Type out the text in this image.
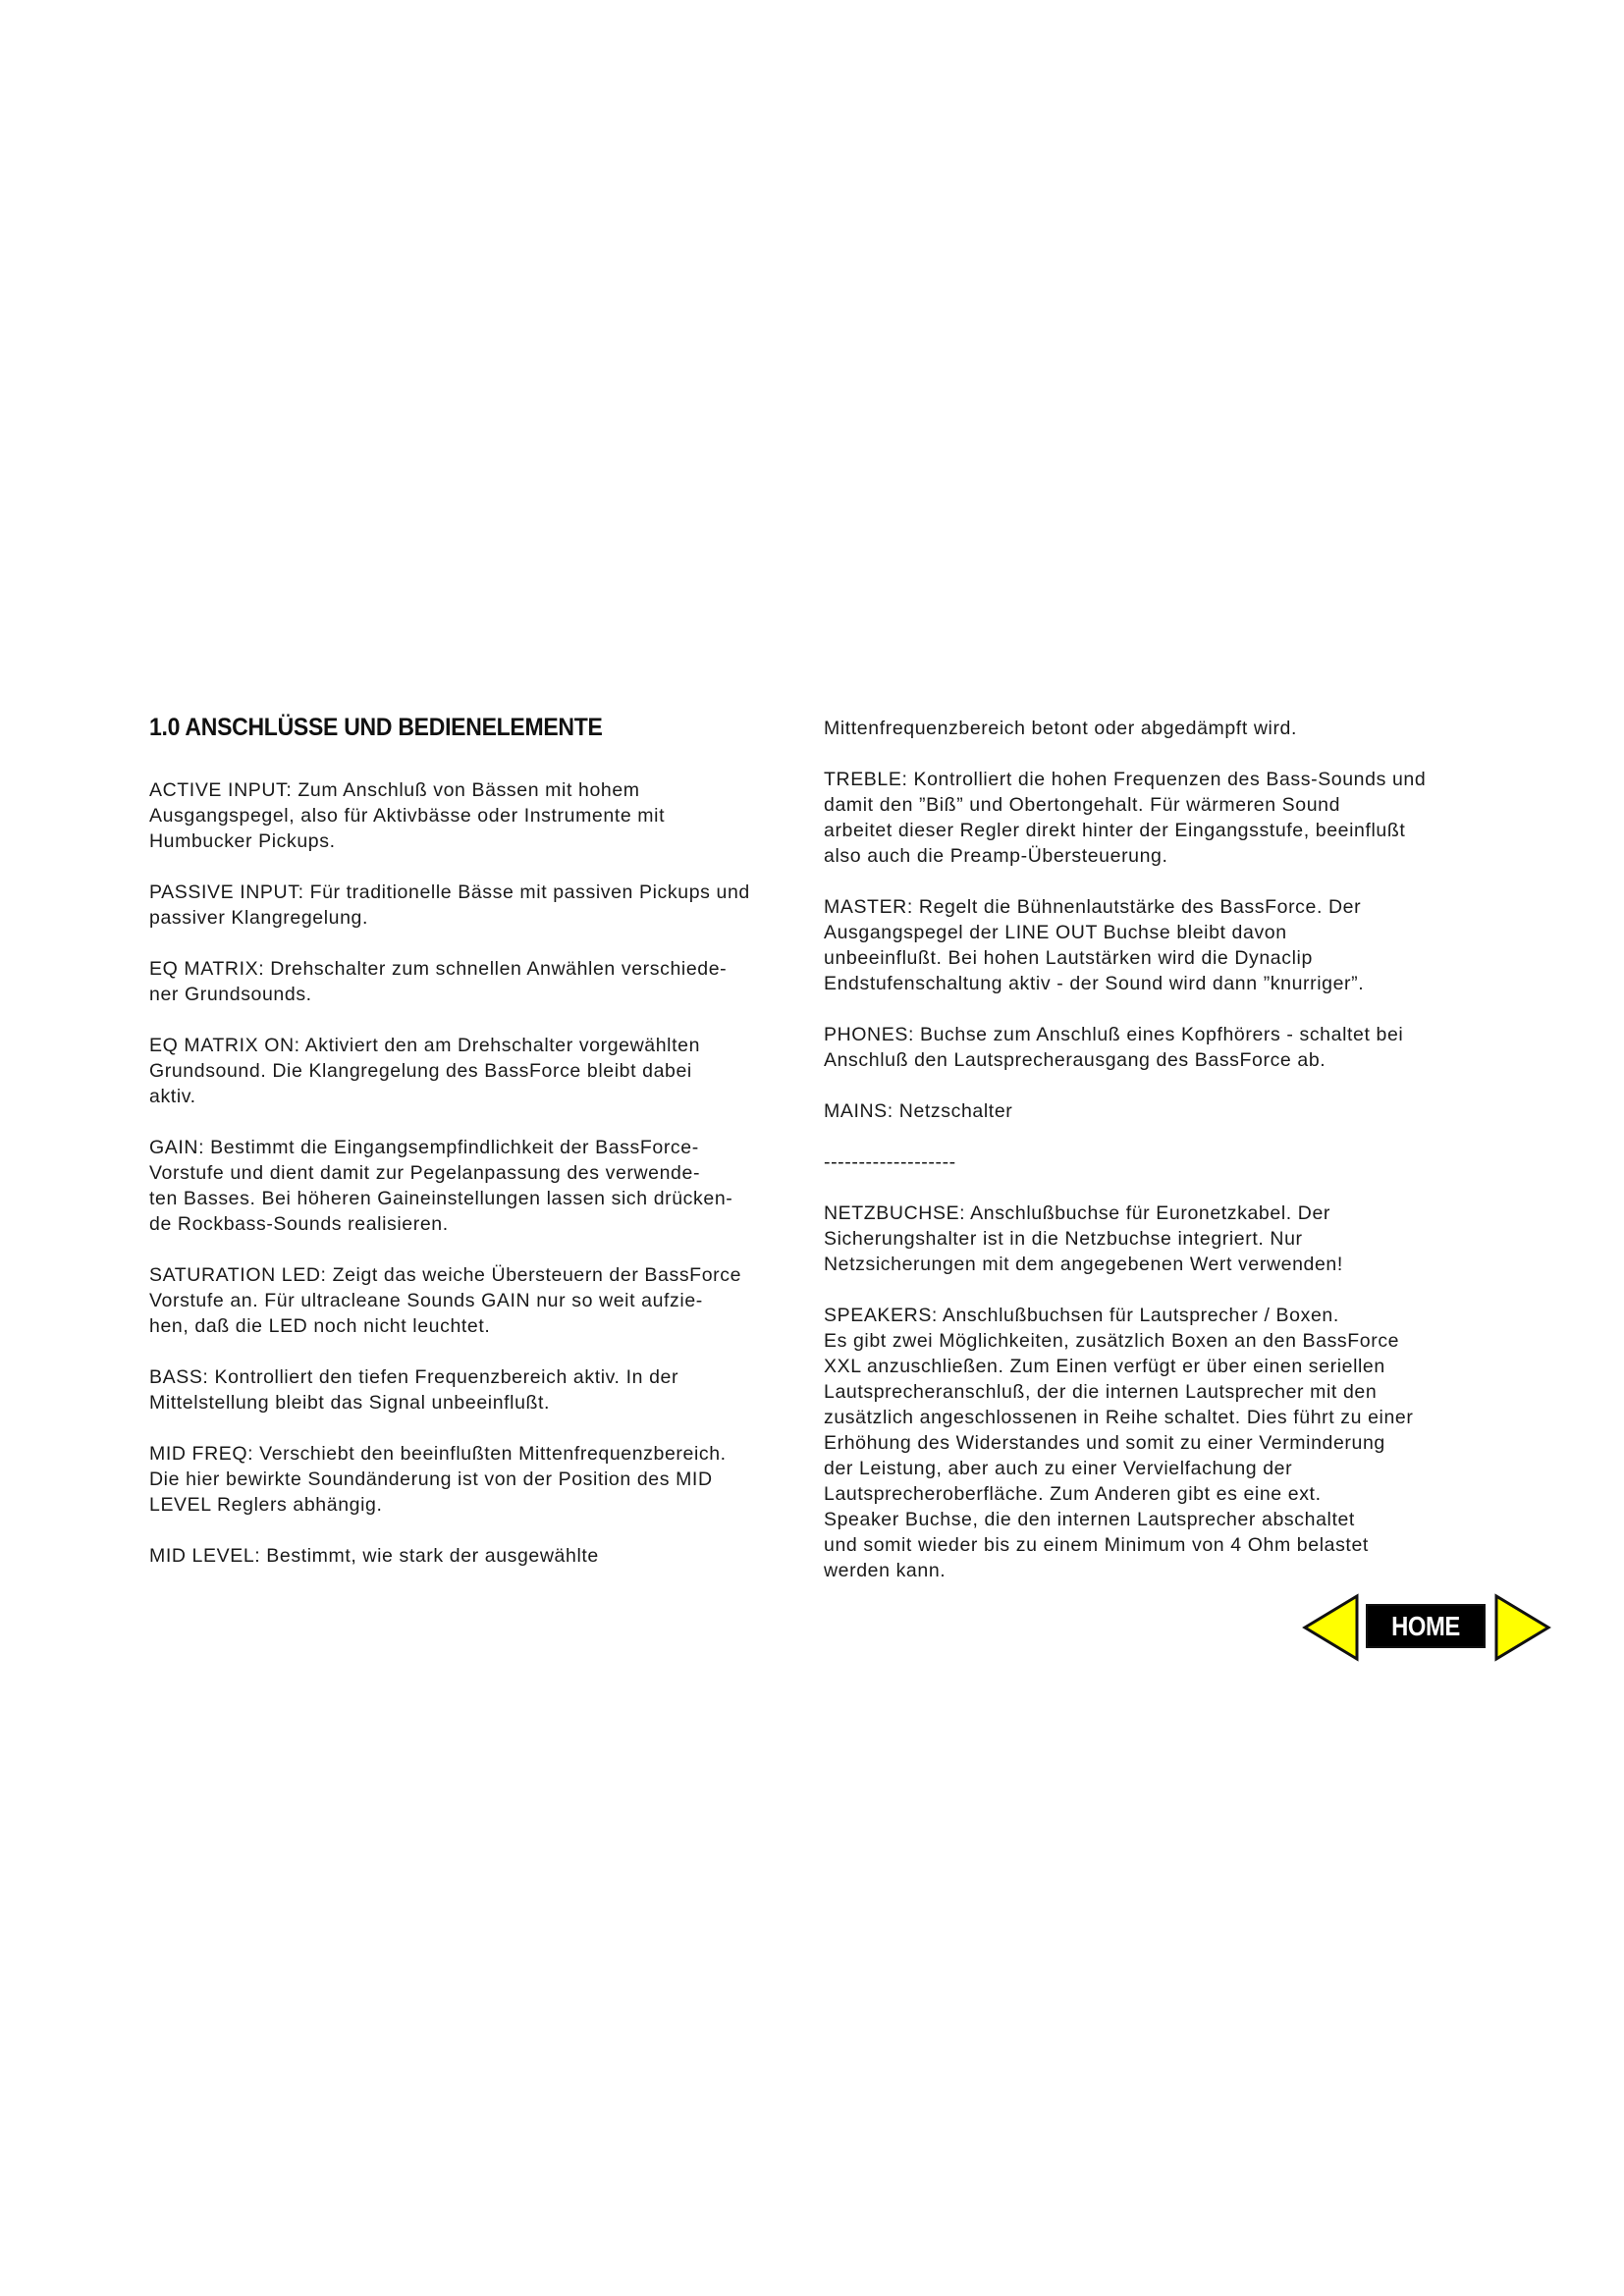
1.0 ANSCHLÜSSE UND BEDIENELEMENTE

ACTIVE INPUT: Zum Anschluß von Bässen mit hohem
Ausgangspegel, also für Aktivbässe oder Instrumente mit
Humbucker Pickups.

PASSIVE INPUT: Für traditionelle Bässe mit passiven Pickups und
passiver Klangregelung.

EQ MATRIX: Drehschalter zum schnellen Anwählen verschiede-
ner Grundsounds.

EQ MATRIX ON: Aktiviert den am Drehschalter vorgewählten
Grundsound. Die Klangregelung des BassForce bleibt dabei
aktiv.

GAIN: Bestimmt die Eingangsempfindlichkeit der BassForce-
Vorstufe und dient damit zur Pegelanpassung des verwende-
ten Basses. Bei höheren Gaineinstellungen lassen sich drücken-
de Rockbass-Sounds realisieren.

SATURATION LED: Zeigt das weiche Übersteuern der BassForce
Vorstufe an. Für ultracleane Sounds GAIN nur so weit aufzie-
hen, daß die LED noch nicht leuchtet.

BASS: Kontrolliert den tiefen Frequenzbereich aktiv. In der
Mittelstellung bleibt das Signal unbeeinflußt.

MID FREQ: Verschiebt den beeinflußten Mittenfrequenzbereich.
Die hier bewirkte Soundänderung ist von der Position des MID
LEVEL Reglers abhängig.

MID LEVEL: Bestimmt, wie stark der ausgewählte

Mittenfrequenzbereich betont oder abgedämpft wird.

TREBLE: Kontrolliert die hohen Frequenzen des Bass-Sounds und
damit den ”Biß” und Obertongehalt. Für wärmeren Sound
arbeitet dieser Regler direkt hinter der Eingangsstufe, beeinflußt
also auch die Preamp-Übersteuerung.

MASTER: Regelt die Bühnenlautstärke des BassForce. Der
Ausgangspegel der LINE OUT Buchse bleibt davon
unbeeinflußt. Bei hohen Lautstärken wird die Dynaclip
Endstufenschaltung aktiv - der Sound wird dann ”knurriger”.

PHONES: Buchse zum Anschluß eines Kopfhörers - schaltet bei
Anschluß den Lautsprecherausgang des BassForce ab.

MAINS: Netzschalter

-------------------

NETZBUCHSE: Anschlußbuchse für Euronetzkabel. Der
Sicherungshalter ist in die Netzbuchse integriert. Nur
Netzsicherungen mit dem angegebenen Wert verwenden!

SPEAKERS: Anschlußbuchsen für Lautsprecher / Boxen.
Es gibt zwei Möglichkeiten, zusätzlich Boxen an den BassForce
XXL anzuschließen. Zum Einen verfügt er über einen seriellen
Lautsprecheranschluß, der die internen Lautsprecher mit den
zusätzlich angeschlossenen in Reihe schaltet. Dies führt zu einer
Erhöhung des Widerstandes und somit zu einer Verminderung
der Leistung, aber auch zu einer Vervielfachung der
Lautsprecheroberfläche. Zum Anderen gibt es eine ext.
Speaker Buchse, die den internen Lautsprecher abschaltet
und somit wieder bis zu einem Minimum von 4 Ohm belastet
werden kann.

HOME
